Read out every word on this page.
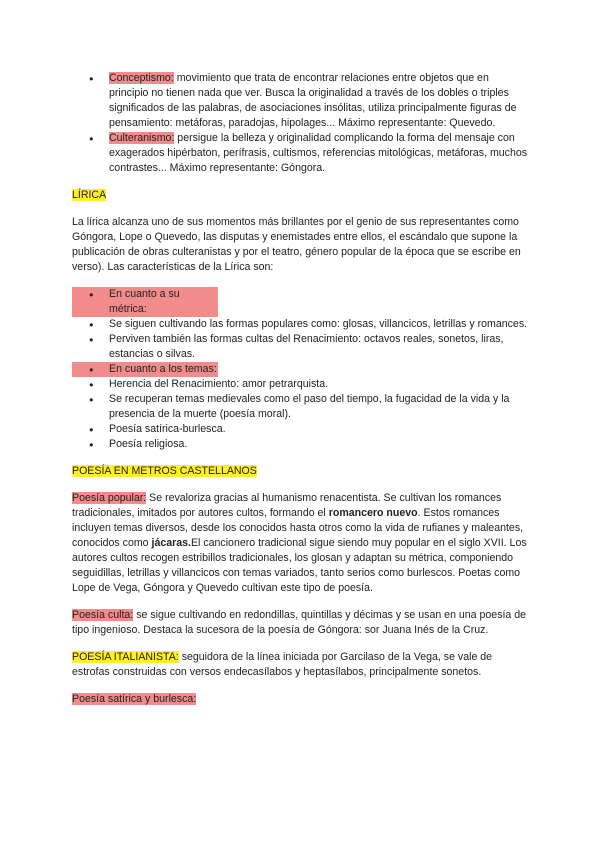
● Conceptismo: movimiento que trata de encontrar relaciones entre objetos que en principio no tienen nada que ver. Busca la originalidad a través de los dobles o triples significados de las palabras, de asociaciones insólitas, utiliza principalmente figuras de pensamiento: metáforas, paradojas, hipolages... Máximo representante: Quevedo.
● Culteranismo: persigue la belleza y originalidad complicando la forma del mensaje con exagerados hipérbaton, perífrasis, cultismos, referencias mitológicas, metáforas, muchos contrastes... Máximo representante: Góngora.

LÍRICA

La lírica alcanza uno de sus momentos más brillantes por el genio de sus representantes como Góngora, Lope o Quevedo, las disputas y enemistades entre ellos, el escándalo que supone la publicación de obras culteranistas y por el teatro, género popular de la época que se escribe en verso). Las características de la Lírica son:

● En cuanto a su métrica:
● Se siguen cultivando las formas populares como: glosas, villancicos, letrillas y romances.
● Perviven también las formas cultas del Renacimiento: octavos reales, sonetos, liras, estancias o silvas.
● En cuanto a los temas:
● Herencia del Renacimiento: amor petrarquista.
● Se recuperan temas medievales como el paso del tiempo, la fugacidad de la vida y la presencia de la muerte (poesía moral).
● Poesía satírica-burlesca.
● Poesía religiosa.

POESÍA EN METROS CASTELLANOS

Poesía popular: Se revaloriza gracias al humanismo renacentista. Se cultivan los romances tradicionales, imitados por autores cultos, formando el romancero nuevo. Estos romances incluyen temas diversos, desde los conocidos hasta otros como la vida de rufianes y maleantes, conocidos como jácaras.El cancionero tradicional sigue siendo muy popular en el siglo XVII. Los autores cultos recogen estribillos tradicionales, los glosan y adaptan su métrica, componiendo seguidillas, letrillas y villancicos con temas variados, tanto serios como burlescos. Poetas como Lope de Vega, Góngora y Quevedo cultivan este tipo de poesía.

Poesía culta: se sigue cultivando en redondillas, quintillas y décimas y se usan en una poesía de tipo ingenioso. Destaca la sucesora de la poesía de Góngora: sor Juana Inés de la Cruz.

POESÍA ITALIANISTA: seguidora de la línea iniciada por Garcilaso de la Vega, se vale de estrofas construidas con versos endecasílabos y heptasílabos, principalmente sonetos.

Poesía satírica y burlesca:
